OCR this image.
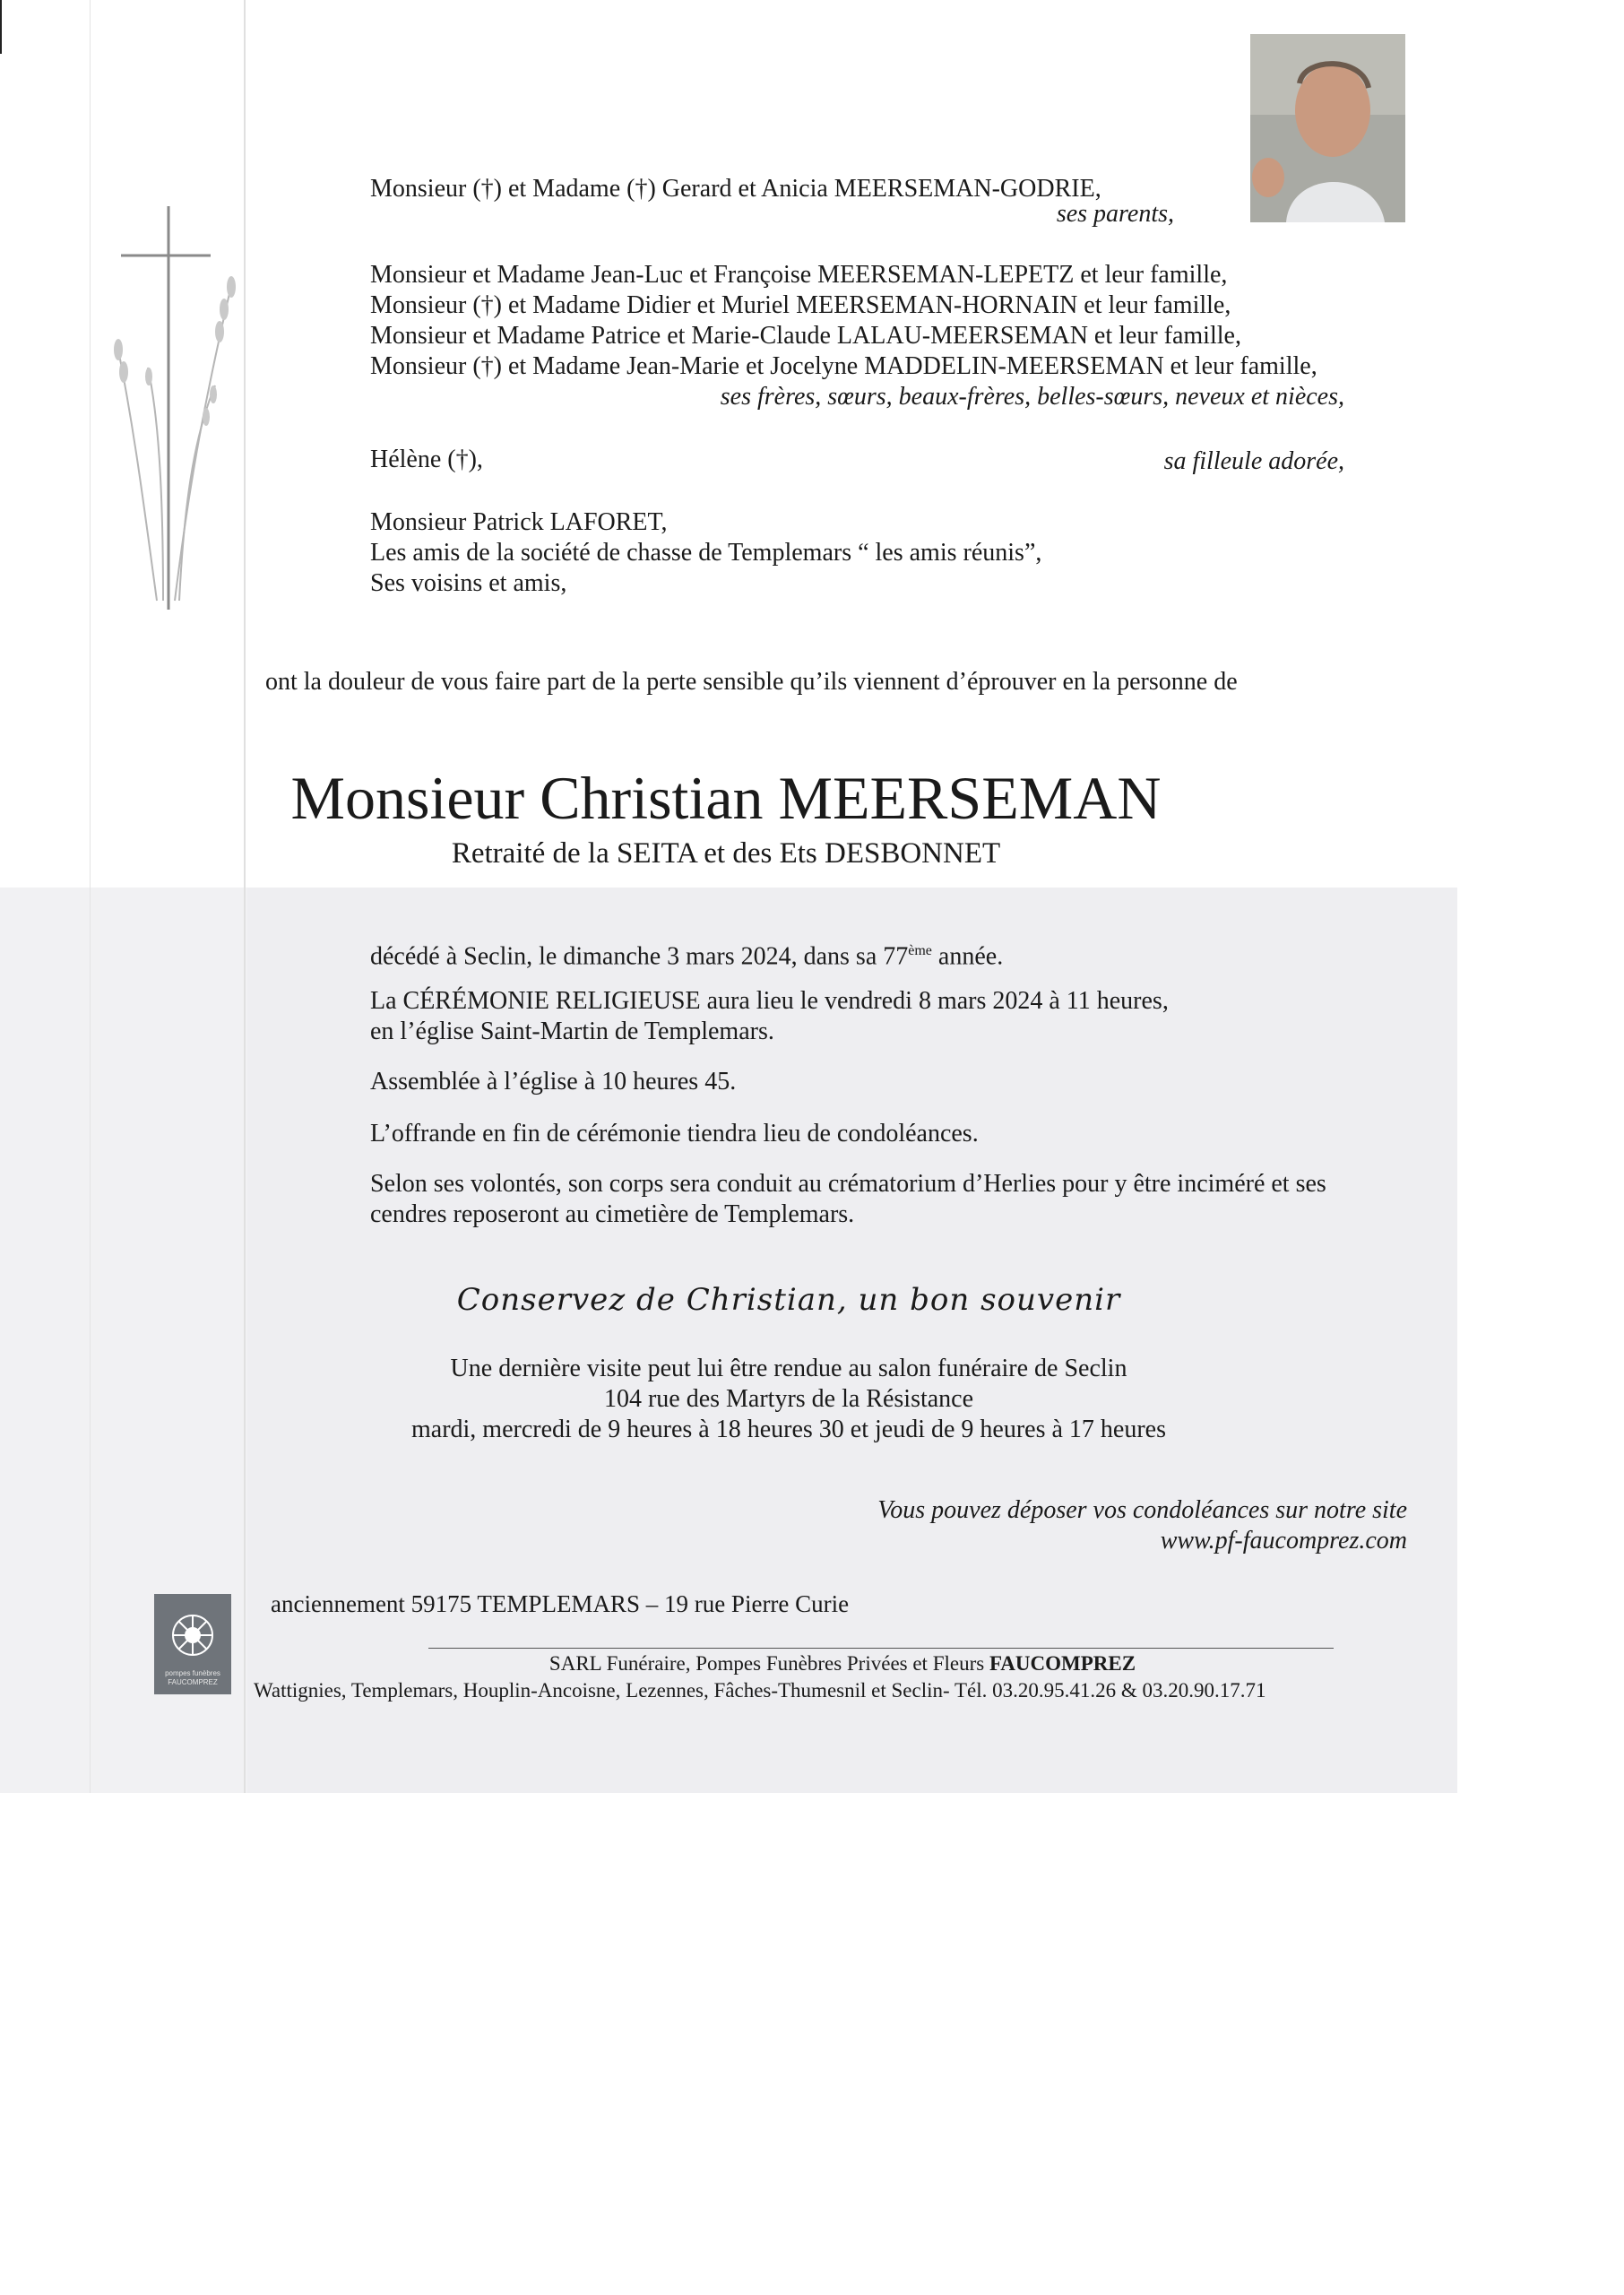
Monsieur (†) et Madame (†) Gerard et Anicia MEERSEMAN-GODRIE,
ses parents,
Monsieur et Madame Jean-Luc et Françoise MEERSEMAN-LEPETZ et leur famille,
Monsieur (†) et Madame Didier et Muriel MEERSEMAN-HORNAIN et leur famille,
Monsieur et Madame Patrice et Marie-Claude LALAU-MEERSEMAN et leur famille,
Monsieur (†) et Madame Jean-Marie et Jocelyne MADDELIN-MEERSEMAN et leur famille,
ses frères, sœurs, beaux-frères, belles-sœurs, neveux et nièces,
Hélène (†),	sa filleule adorée,
Monsieur Patrick LAFORET,
Les amis de la société de chasse de Templemars “ les amis réunis”,
Ses voisins et amis,
ont la douleur de vous faire part de la perte sensible qu’ils viennent d’éprouver en la personne de
Monsieur Christian MEERSEMAN
Retraité de la SEITA et des Ets DESBONNET
décédé à Seclin, le dimanche 3 mars 2024, dans sa 77ème année.
La CÉRÉMONIE RELIGIEUSE aura lieu le vendredi 8 mars 2024 à 11 heures,
en l’église Saint-Martin de Templemars.
Assemblée à l’église à 10 heures 45.
L’offrande en fin de cérémonie tiendra lieu de condoléances.
Selon ses volontés, son corps sera conduit au crématorium d’Herlies pour y être inciméré et ses
cendres reposeront au cimetière de Templemars.
Conservez de Christian, un bon souvenir
Une dernière visite peut lui être rendue au salon funéraire de Seclin
104 rue des Martyrs de la Résistance
mardi, mercredi de 9 heures à 18 heures 30 et jeudi de 9 heures à 17 heures
Vous pouvez déposer vos condoléances sur notre site
www.pf-faucomprez.com
pompes funèbres
FAUCOMPREZ
anciennement 59175 TEMPLEMARS – 19 rue Pierre Curie
SARL Funéraire, Pompes Funèbres Privées et Fleurs FAUCOMPREZ
Wattignies, Templemars, Houplin-Ancoisne, Lezennes, Fâches-Thumesnil et Seclin- Tél. 03.20.95.41.26 & 03.20.90.17.71
